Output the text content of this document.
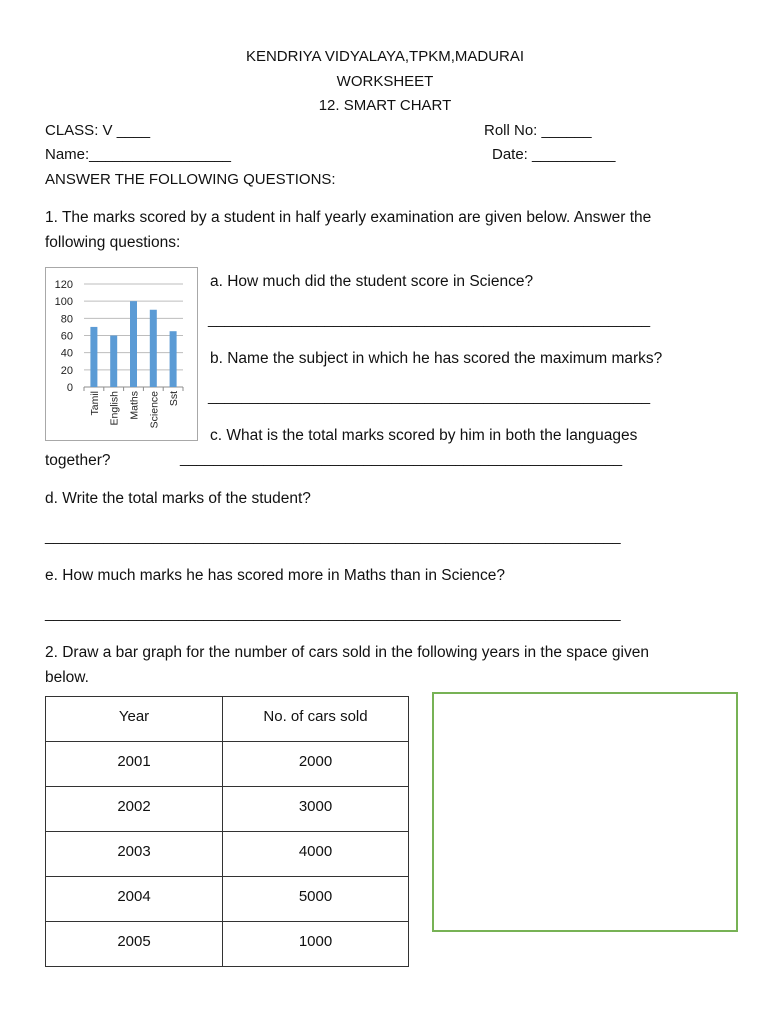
KENDRIYA VIDYALAYA,TPKM,MADURAI
WORKSHEET
12. SMART CHART
CLASS: V ____	Roll No: ______
Name:_________________	Date: __________
ANSWER THE FOLLOWING QUESTIONS:
1. The marks scored by a student in half yearly examination are given below. Answer the
following questions:
0
20
40
60
80
100
120
Tamil English Maths Science Sst
a. How much did the student score in Science?
_____________________________________________________
b. Name the subject in which he has scored the maximum marks?
_____________________________________________________
c. What is the total marks scored by him in both the languages
together?	_____________________________________________________
d. Write the total marks of the student?
_____________________________________________________________________
e. How much marks he has scored more in Maths than in Science?
_____________________________________________________________________
2. Draw a bar graph for the number of cars sold in the following years in the space given
below.
Year	No. of cars sold
2001	2000
2002	3000
2003	4000
2004	5000
2005	1000
